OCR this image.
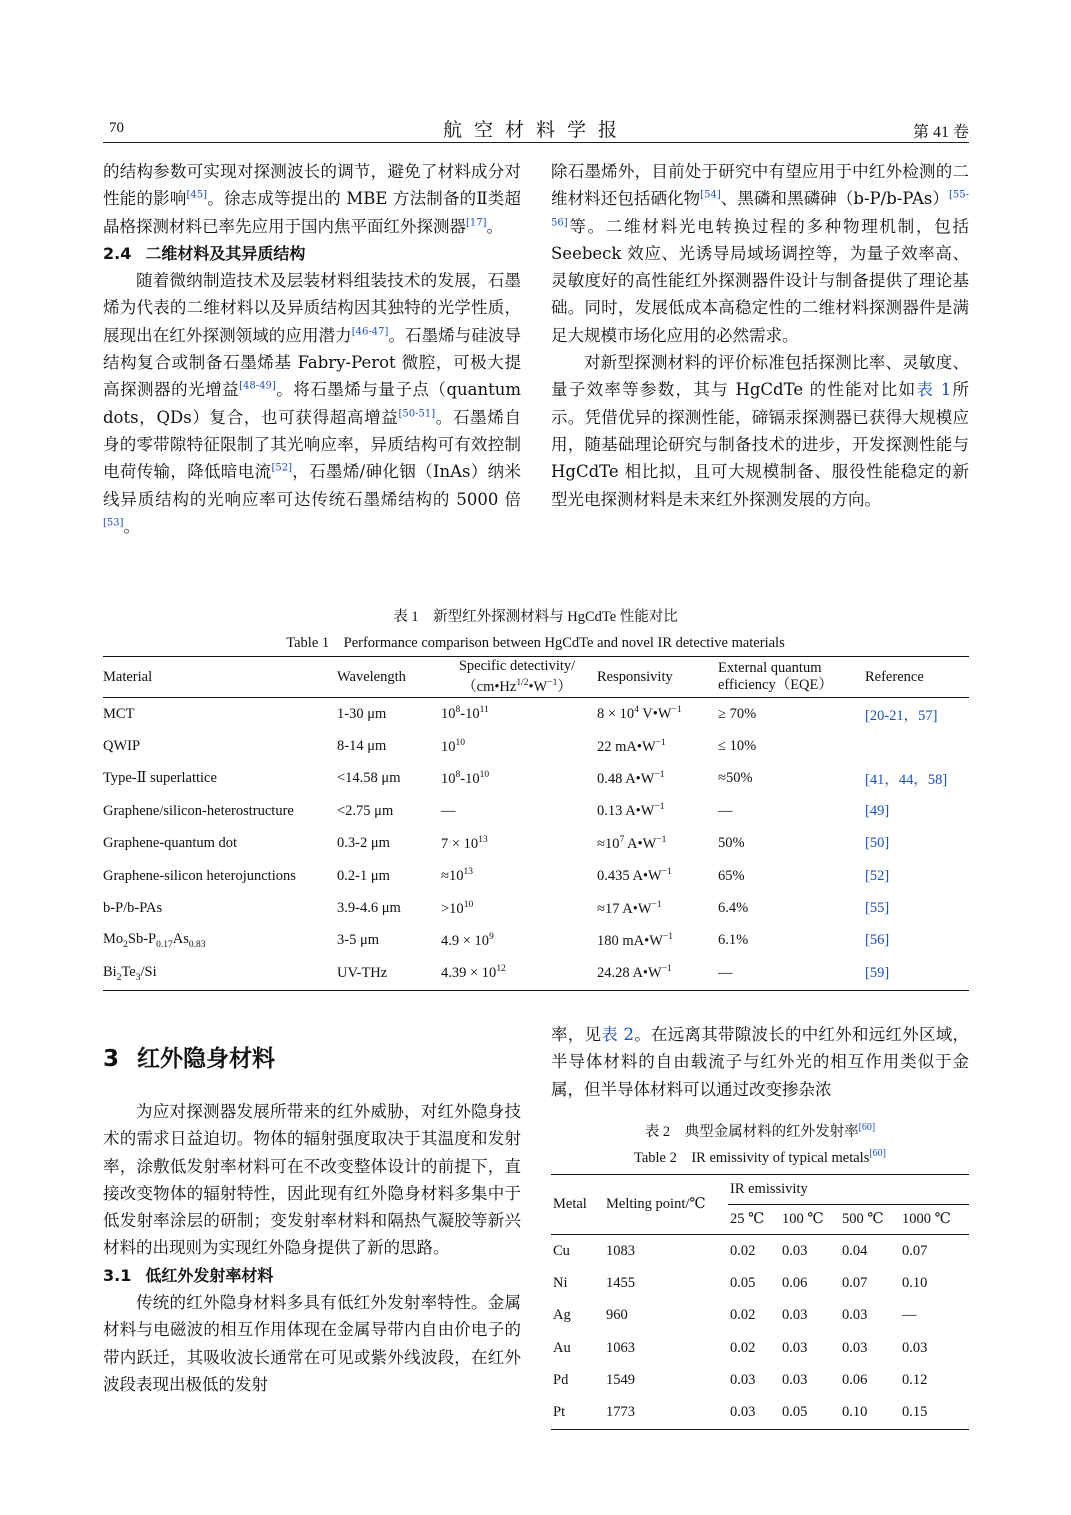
70	航空材料学报	第 41 卷

的结构参数可实现对探测波长的调节，避免了材料成分对性能的影响[45]。徐志成等提出的 MBE 方法制备的Ⅱ类超晶格探测材料已率先应用于国内焦平面红外探测器[17]。

2.4 二维材料及其异质结构

随着微纳制造技术及层装材料组装技术的发展，石墨烯为代表的二维材料以及异质结构因其独特的光学性质，展现出在红外探测领域的应用潜力[46-47]。石墨烯与硅波导结构复合或制备石墨烯基 Fabry-Perot 微腔，可极大提高探测器的光增益[48-49]。将石墨烯与量子点（quantum dots，QDs）复合，也可获得超高增益[50-51]。石墨烯自身的零带隙特征限制了其光响应率，异质结构可有效控制电荷传输，降低暗电流[52]，石墨烯/砷化铟（InAs）纳米线异质结构的光响应率可达传统石墨烯结构的 5000 倍[53]。

除石墨烯外，目前处于研究中有望应用于中红外检测的二维材料还包括硒化物[54]、黑磷和黑磷砷（b-P/b-PAs）[55-56]等。二维材料光电转换过程的多种物理机制，包括 Seebeck 效应、光诱导局域场调控等，为量子效率高、灵敏度好的高性能红外探测器件设计与制备提供了理论基础。同时，发展低成本高稳定性的二维材料探测器件是满足大规模市场化应用的必然需求。

对新型探测材料的评价标准包括探测比率、灵敏度、量子效率等参数，其与 HgCdTe 的性能对比如表 1所示。凭借优异的探测性能，碲镉汞探测器已获得大规模应用，随基础理论研究与制备技术的进步，开发探测性能与 HgCdTe 相比拟，且可大规模制备、服役性能稳定的新型光电探测材料是未来红外探测发展的方向。

表 1　新型红外探测材料与 HgCdTe 性能对比
Table 1　Performance comparison between HgCdTe and novel IR detective materials
Material	Wavelength	Specific detectivity/
$(cm•Hz^{1/2}•W^{-1})$	Responsivity	External quantum
efficiency（EQE）	Reference
MCT	1-30 μm	$10^8-10^{11}$	$8 \times 10^4$ $V•W^{-1}$	≥ 70%	[20-21，57]
QWIP	8-14 μm	$10^{10}$	22 $mA•W^{-1}$	≤ 10%	
Type-Ⅱ superlattice	<14.58 μm	$10^8-10^{10}$	0.48 $A•W^{-1}$	≈50%	[41，44，58]
Graphene/silicon-heterostructure	<2.75 μm	—	0.13 $A•W^{-1}$	—	[49]
Graphene-quantum dot	0.3-2 μm	$7 \times 10^{13}$	$\approx 10^7$ $A•W^{-1}$	50%	[50]
Graphene-silicon heterojunctions	0.2-1 μm	$\approx 10^{13}$	0.435 $A•W^{-1}$	65%	[52]
b-P/b-PAs	3.9-4.6 μm	$>10^{10}$	≈17 $A•W^{-1}$	6.4%	[55]
$Mo_2Sb-P_{0.17}As_{0.83}$	3-5 μm	$4.9 \times 10^9$	180 $mA•W^{-1}$	6.1%	[56]
$Bi_2Te_3/Si$	UV-THz	$4.39 \times 10^{12}$	24.28 $A•W^{-1}$	—	[59]
3 红外隐身材料

为应对探测器发展所带来的红外威胁，对红外隐身技术的需求日益迫切。物体的辐射强度取决于其温度和发射率，涂敷低发射率材料可在不改变整体设计的前提下，直接改变物体的辐射特性，因此现有红外隐身材料多集中于低发射率涂层的研制；变发射率材料和隔热气凝胶等新兴材料的出现则为实现红外隐身提供了新的思路。

3.1 低红外发射率材料

传统的红外隐身材料多具有低红外发射率特性。金属材料与电磁波的相互作用体现在金属导带内自由价电子的带内跃迁，其吸收波长通常在可见或紫外线波段，在红外波段表现出极低的发射

率，见表 2。在远离其带隙波长的中红外和远红外区域，半导体材料的自由载流子与红外光的相互作用类似于金属，但半导体材料可以通过改变掺杂浓

表 2　典型金属材料的红外发射率[60]
Table 2　IR emissivity of typical metals[60]
Metal	Melting point/℃	IR emissivity			
		25 ℃	100 ℃	500 ℃	1000 ℃
Cu	1083	0.02	0.03	0.04	0.07
Ni	1455	0.05	0.06	0.07	0.10
Ag	960	0.02	0.03	0.03	—
Au	1063	0.02	0.03	0.03	0.03
Pd	1549	0.03	0.03	0.06	0.12
Pt	1773	0.03	0.05	0.10	0.15
